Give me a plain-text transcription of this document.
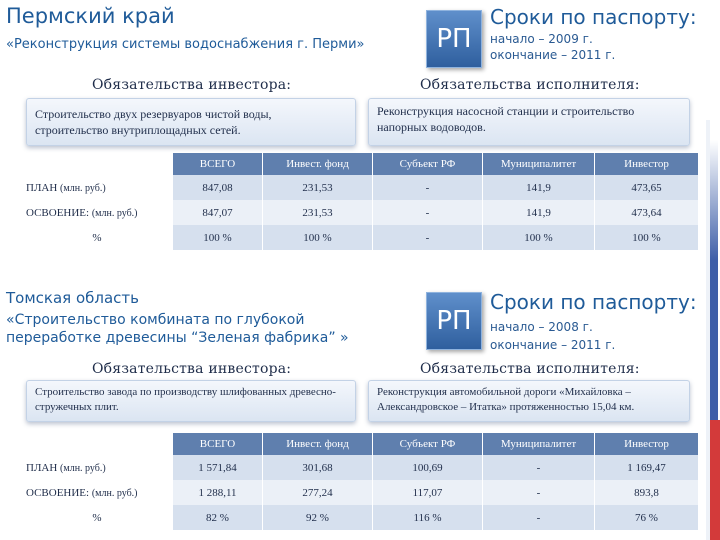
Пермский край
«Реконструкция системы водоснабжения г. Перми»	РП
Сроки по паспорту:
начало – 2009 г.
окончание – 2011 г.
Обязательства инвестора:	Обязательства исполнителя:
Строительство двух резервуаров чистой воды, строительство внутриплощадных сетей.
Реконструкция насосной станции и строительство напорных водоводов.
	ВСЕГО	Инвест. фонд	Субъект РФ	Муниципалитет	Инвестор
ПЛАН (млн. руб.)	847,08	231,53	-	141,9	473,65
ОСВОЕНИЕ: (млн. руб.)	847,07	231,53	-	141,9	473,64
%	100 %	100 %	-	100 %	100 %
Томская область
«Строительство комбината по глубокой переработке древесины “Зеленая фабрика” »
РП
Сроки по паспорту:
начало – 2008 г.
окончание – 2011 г.
Обязательства инвестора:	Обязательства исполнителя:
Строительство завода по производству шлифованных древесно-стружечных плит.
Реконструкция автомобильной дороги «Михайловка – Александровское – Итатка» протяженностью 15,04 км.
	ВСЕГО	Инвест. фонд	Субъект РФ	Муниципалитет	Инвестор
ПЛАН (млн. руб.)	1 571,84	301,68	100,69	-	1 169,47
ОСВОЕНИЕ: (млн. руб.)	1 288,11	277,24	117,07	-	893,8
%	82 %	92 %	116 %	-	76 %
